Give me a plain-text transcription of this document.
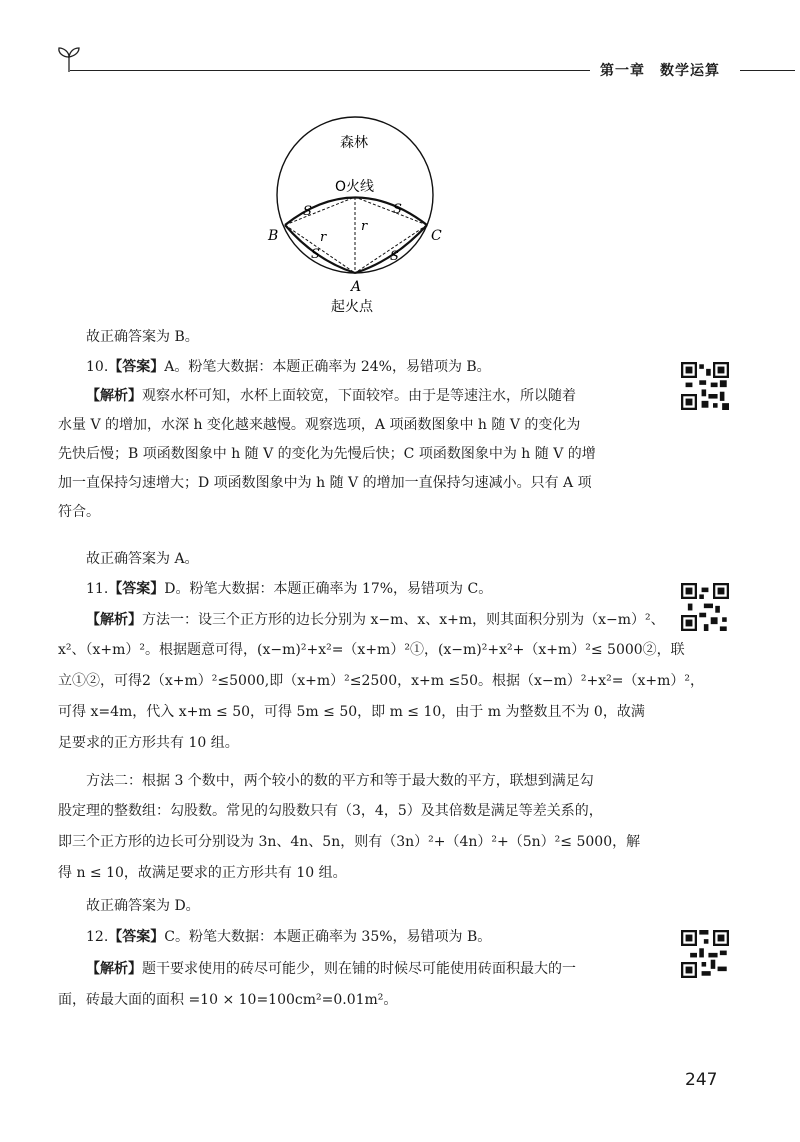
第一章　数学运算
森林
O火线
B	C
A
r
r
S	S
S	S
起火点
故正确答案为 B。
10.【答案】A。粉笔大数据：本题正确率为 24%，易错项为 B。
【解析】观察水杯可知，水杯上面较宽，下面较窄。由于是等速注水，所以随着
水量 V 的增加，水深 h 变化越来越慢。观察选项，A 项函数图象中 h 随 V 的变化为
先快后慢；B 项函数图象中 h 随 V 的变化为先慢后快；C 项函数图象中为 h 随 V 的增
加一直保持匀速增大；D 项函数图象中为 h 随 V 的增加一直保持匀速减小。只有 A 项
符合。
故正确答案为 A。
11.【答案】D。粉笔大数据：本题正确率为 17%，易错项为 C。
【解析】方法一：设三个正方形的边长分别为 x−m、x、x+m，则其面积分别为（x−m）²、
x²、（x+m）²。根据题意可得，(x−m)²+x²=（x+m）²①，(x−m)²+x²+（x+m）²≤ 5000②，联
立①②，可得2（x+m）²≤5000,即（x+m）²≤2500，x+m ≤50。根据（x−m）²+x²=（x+m）²，
可得 x=4m，代入 x+m ≤ 50，可得 5m ≤ 50，即 m ≤ 10，由于 m 为整数且不为 0，故满
足要求的正方形共有 10 组。
方法二：根据 3 个数中，两个较小的数的平方和等于最大数的平方，联想到满足勾
股定理的整数组：勾股数。常见的勾股数只有（3，4，5）及其倍数是满足等差关系的，
即三个正方形的边长可分别设为 3n、4n、5n，则有（3n）²+（4n）²+（5n）²≤ 5000，解
得 n ≤ 10，故满足要求的正方形共有 10 组。
故正确答案为 D。
12.【答案】C。粉笔大数据：本题正确率为 35%，易错项为 B。
【解析】题干要求使用的砖尽可能少，则在铺的时候尽可能使用砖面积最大的一
面，砖最大面的面积 =10 × 10=100cm²=0.01m²。
247
